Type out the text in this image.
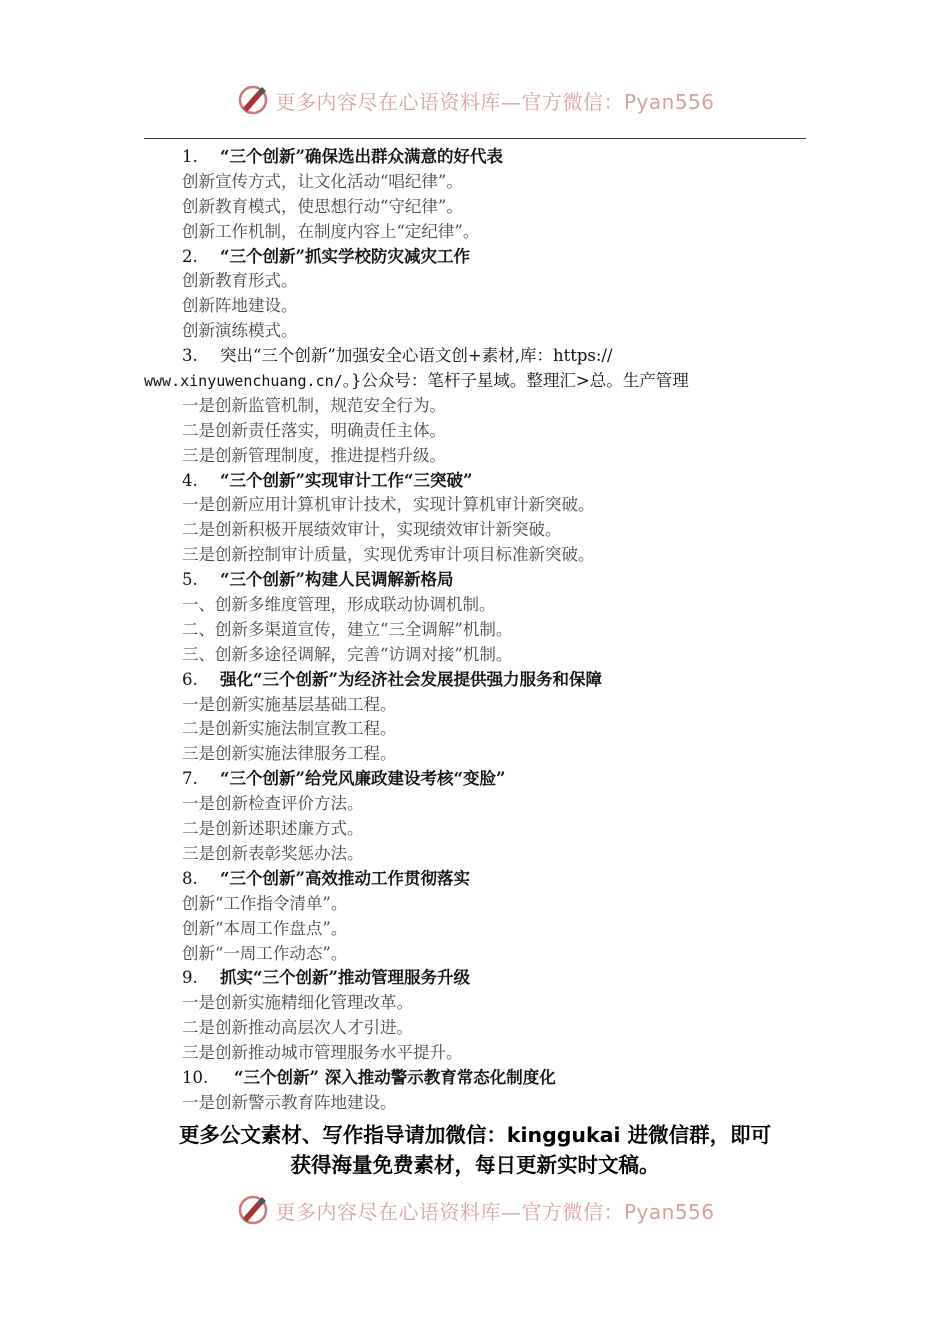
更多内容尽在心语资料库—官方微信：Pyan556
1. “三个创新”确保选出群众满意的好代表
创新宣传方式，让文化活动“唱纪律”。
创新教育模式，使思想行动“守纪律”。
创新工作机制，在制度内容上“定纪律”。
2. “三个创新”抓实学校防灾减灾工作
创新教育形式。
创新阵地建设。
创新演练模式。
3. 突出“三个创新”加强安全心语文创+素材,库：https://
www.xinyuwenchuang.cn/。}公众号：笔杆子星域。整理汇>总。生产管理
一是创新监管机制，规范安全行为。
二是创新责任落实，明确责任主体。
三是创新管理制度，推进提档升级。
4. “三个创新”实现审计工作“三突破”
一是创新应用计算机审计技术，实现计算机审计新突破。
二是创新积极开展绩效审计，实现绩效审计新突破。
三是创新控制审计质量，实现优秀审计项目标准新突破。
5. “三个创新”构建人民调解新格局
一、创新多维度管理，形成联动协调机制。
二、创新多渠道宣传，建立“三全调解”机制。
三、创新多途径调解，完善“访调对接”机制。
6. 强化“三个创新”为经济社会发展提供强力服务和保障
一是创新实施基层基础工程。
二是创新实施法制宣教工程。
三是创新实施法律服务工程。
7. “三个创新”给党风廉政建设考核“变脸”
一是创新检查评价方法。
二是创新述职述廉方式。
三是创新表彰奖惩办法。
8. “三个创新”高效推动工作贯彻落实
创新“工作指令清单”。
创新“本周工作盘点”。
创新“一周工作动态”。
9. 抓实“三个创新”推动管理服务升级
一是创新实施精细化管理改革。
二是创新推动高层次人才引进。
三是创新推动城市管理服务水平提升。
10. “三个创新” 深入推动警示教育常态化制度化
一是创新警示教育阵地建设。
更多公文素材、写作指导请加微信：kinggukai 进微信群，即可
获得海量免费素材，每日更新实时文稿。
更多内容尽在心语资料库—官方微信：Pyan556
